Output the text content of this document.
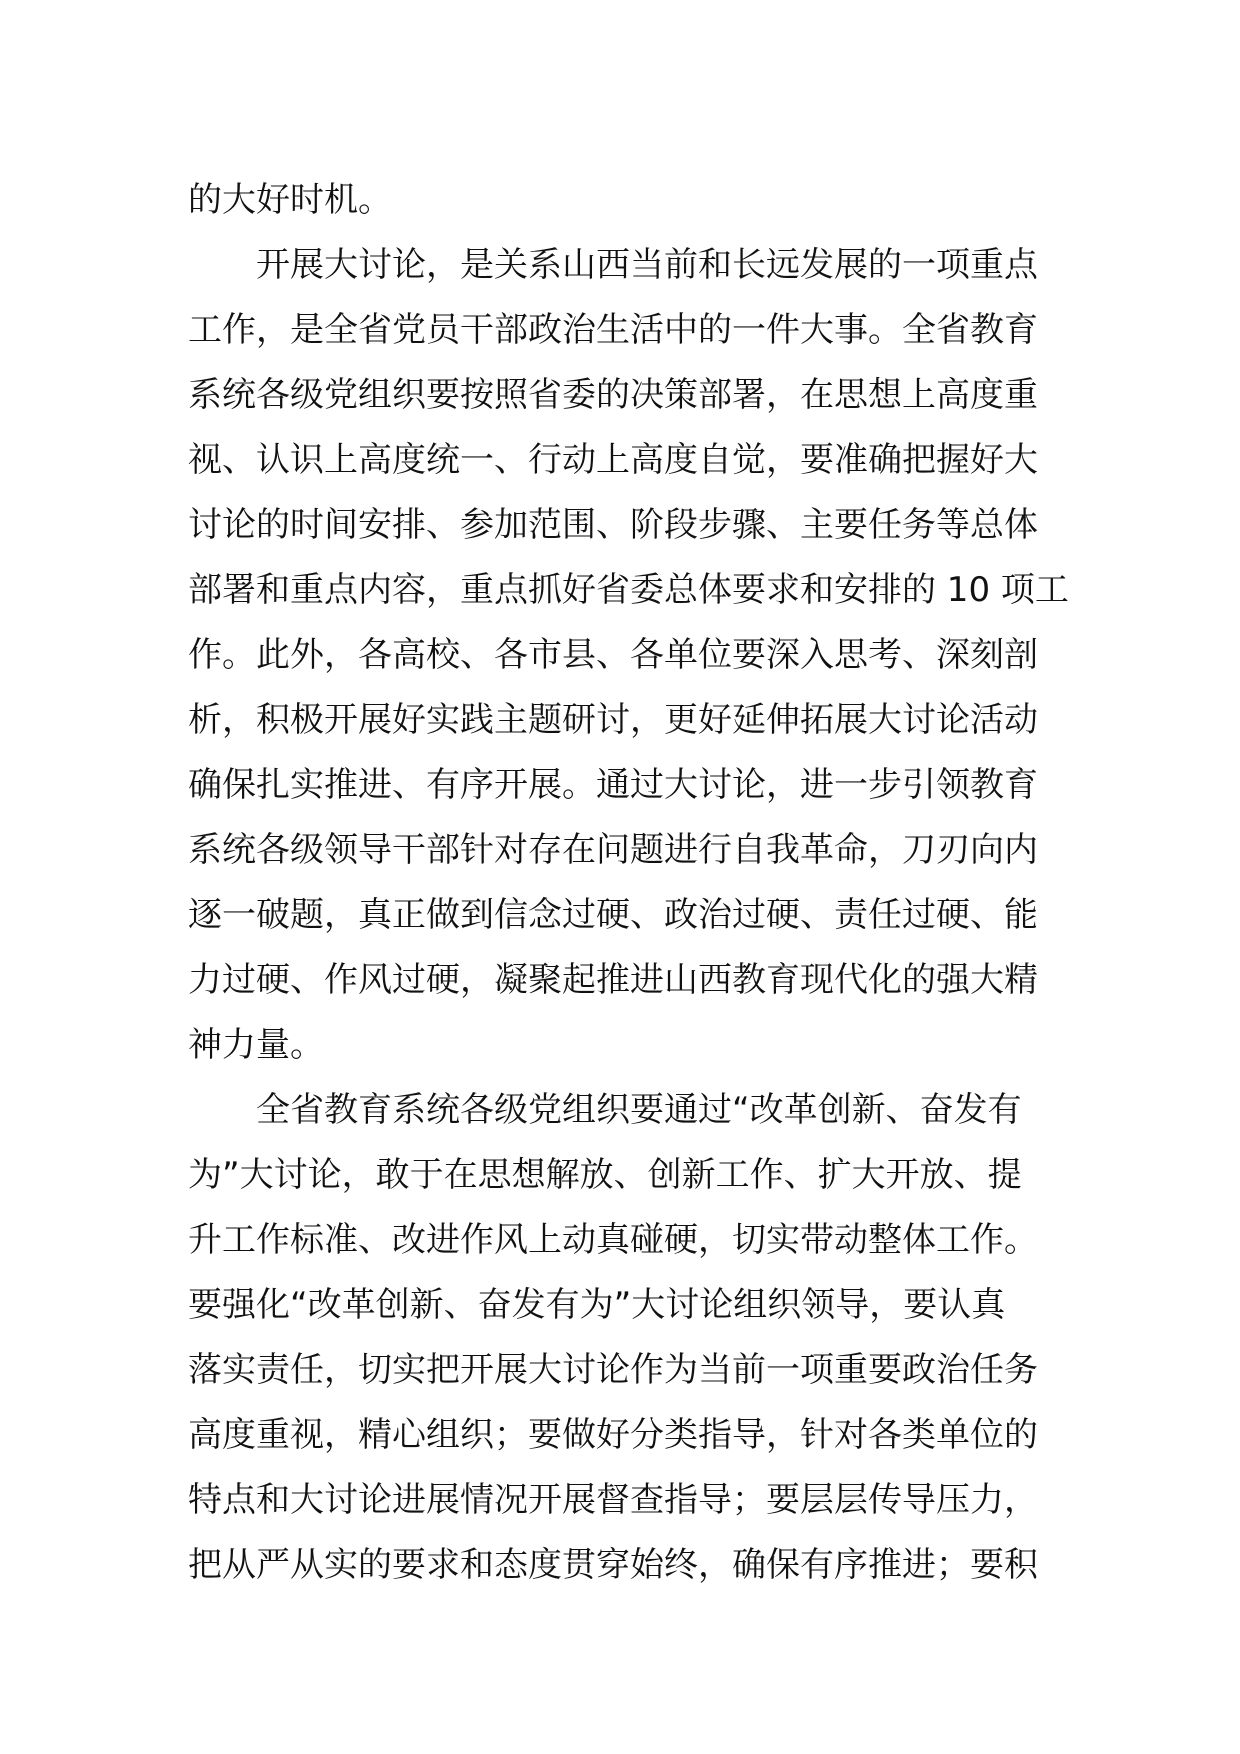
的大好时机。
开展大讨论，是关系山西当前和长远发展的一项重点
工作，是全省党员干部政治生活中的一件大事。全省教育
系统各级党组织要按照省委的决策部署，在思想上高度重
视、认识上高度统一、行动上高度自觉，要准确把握好大
讨论的时间安排、参加范围、阶段步骤、主要任务等总体
部署和重点内容，重点抓好省委总体要求和安排的 10 项工
作。此外，各高校、各市县、各单位要深入思考、深刻剖
析，积极开展好实践主题研讨，更好延伸拓展大讨论活动
确保扎实推进、有序开展。通过大讨论，进一步引领教育
系统各级领导干部针对存在问题进行自我革命，刀刃向内
逐一破题，真正做到信念过硬、政治过硬、责任过硬、能
力过硬、作风过硬，凝聚起推进山西教育现代化的强大精
神力量。
全省教育系统各级党组织要通过“改革创新、奋发有
为”大讨论，敢于在思想解放、创新工作、扩大开放、提
升工作标准、改进作风上动真碰硬，切实带动整体工作。
要强化“改革创新、奋发有为”大讨论组织领导，要认真
落实责任，切实把开展大讨论作为当前一项重要政治任务
高度重视，精心组织；要做好分类指导，针对各类单位的
特点和大讨论进展情况开展督查指导；要层层传导压力，
把从严从实的要求和态度贯穿始终，确保有序推进；要积
